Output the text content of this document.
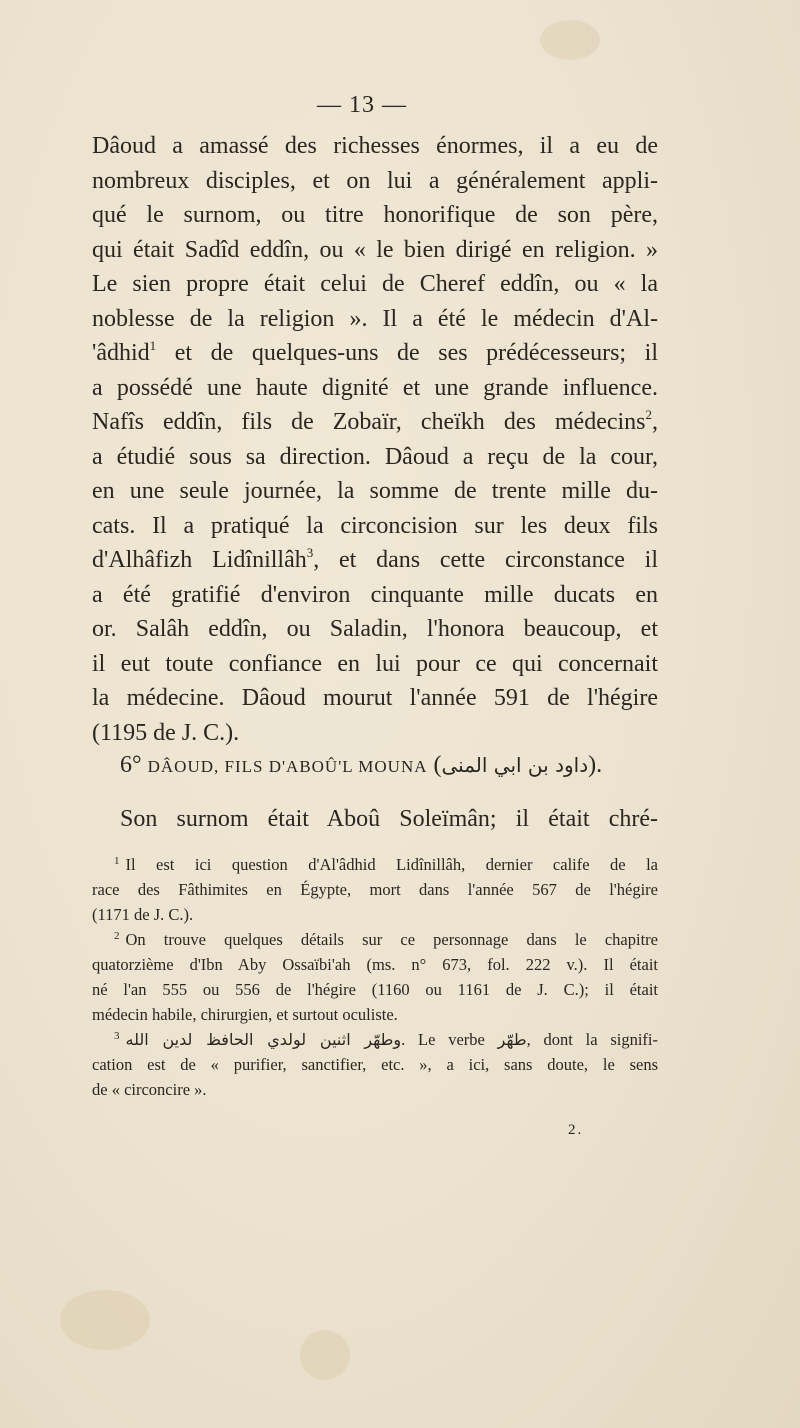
— 13 —
Dâoud a amassé des richesses énormes, il a eu de
nombreux disciples, et on lui a généralement appli-
qué le surnom, ou titre honorifique de son père,
qui était Sadîd eddîn, ou « le bien dirigé en religion. »
Le sien propre était celui de Cheref eddîn, ou « la
noblesse de la religion ». Il a été le médecin d'Al-
'âdhid$^1$ et de quelques-uns de ses prédécesseurs; il
a possédé une haute dignité et une grande influence.
Nafîs eddîn, fils de Zobaïr, cheïkh des médecins$^2$,
a étudié sous sa direction. Dâoud a reçu de la cour,
en une seule journée, la somme de trente mille du-
cats. Il a pratiqué la circoncision sur les deux fils
d'Alhâfizh Lidînillâh$^3$, et dans cette circonstance il
a été gratifié d'environ cinquante mille ducats en
or. Salâh eddîn, ou Saladin, l'honora beaucoup, et
il eut toute confiance en lui pour ce qui concernait
la médecine. Dâoud mourut l'année 591 de l'hégire
(1195 de J. C.).
6° DÂOUD, FILS D'ABOÛ'L MOUNA (داود بن ابي المنى).
Son surnom était Aboû Soleïmân; il était chré-
$^1$ Il est ici question d'Al'âdhid Lidînillâh, dernier calife de la
race des Fâthimites en Égypte, mort dans l'année 567 de l'hégire
(1171 de J. C.).
$^2$ On trouve quelques détails sur ce personnage dans le chapitre
quatorzième d'Ibn Aby Ossaïbi'ah (ms. n° 673, fol. 222 v.). Il était
né l'an 555 ou 556 de l'hégire (1160 ou 1161 de J. C.); il était
médecin habile, chirurgien, et surtout oculiste.
$^3$ وطهّر اثنين لولدي الحافظ لدين الله. Le verbe طهّر, dont la signifi-
cation est de « purifier, sanctifier, etc. », a ici, sans doute, le sens
de « circoncire ».
2.
